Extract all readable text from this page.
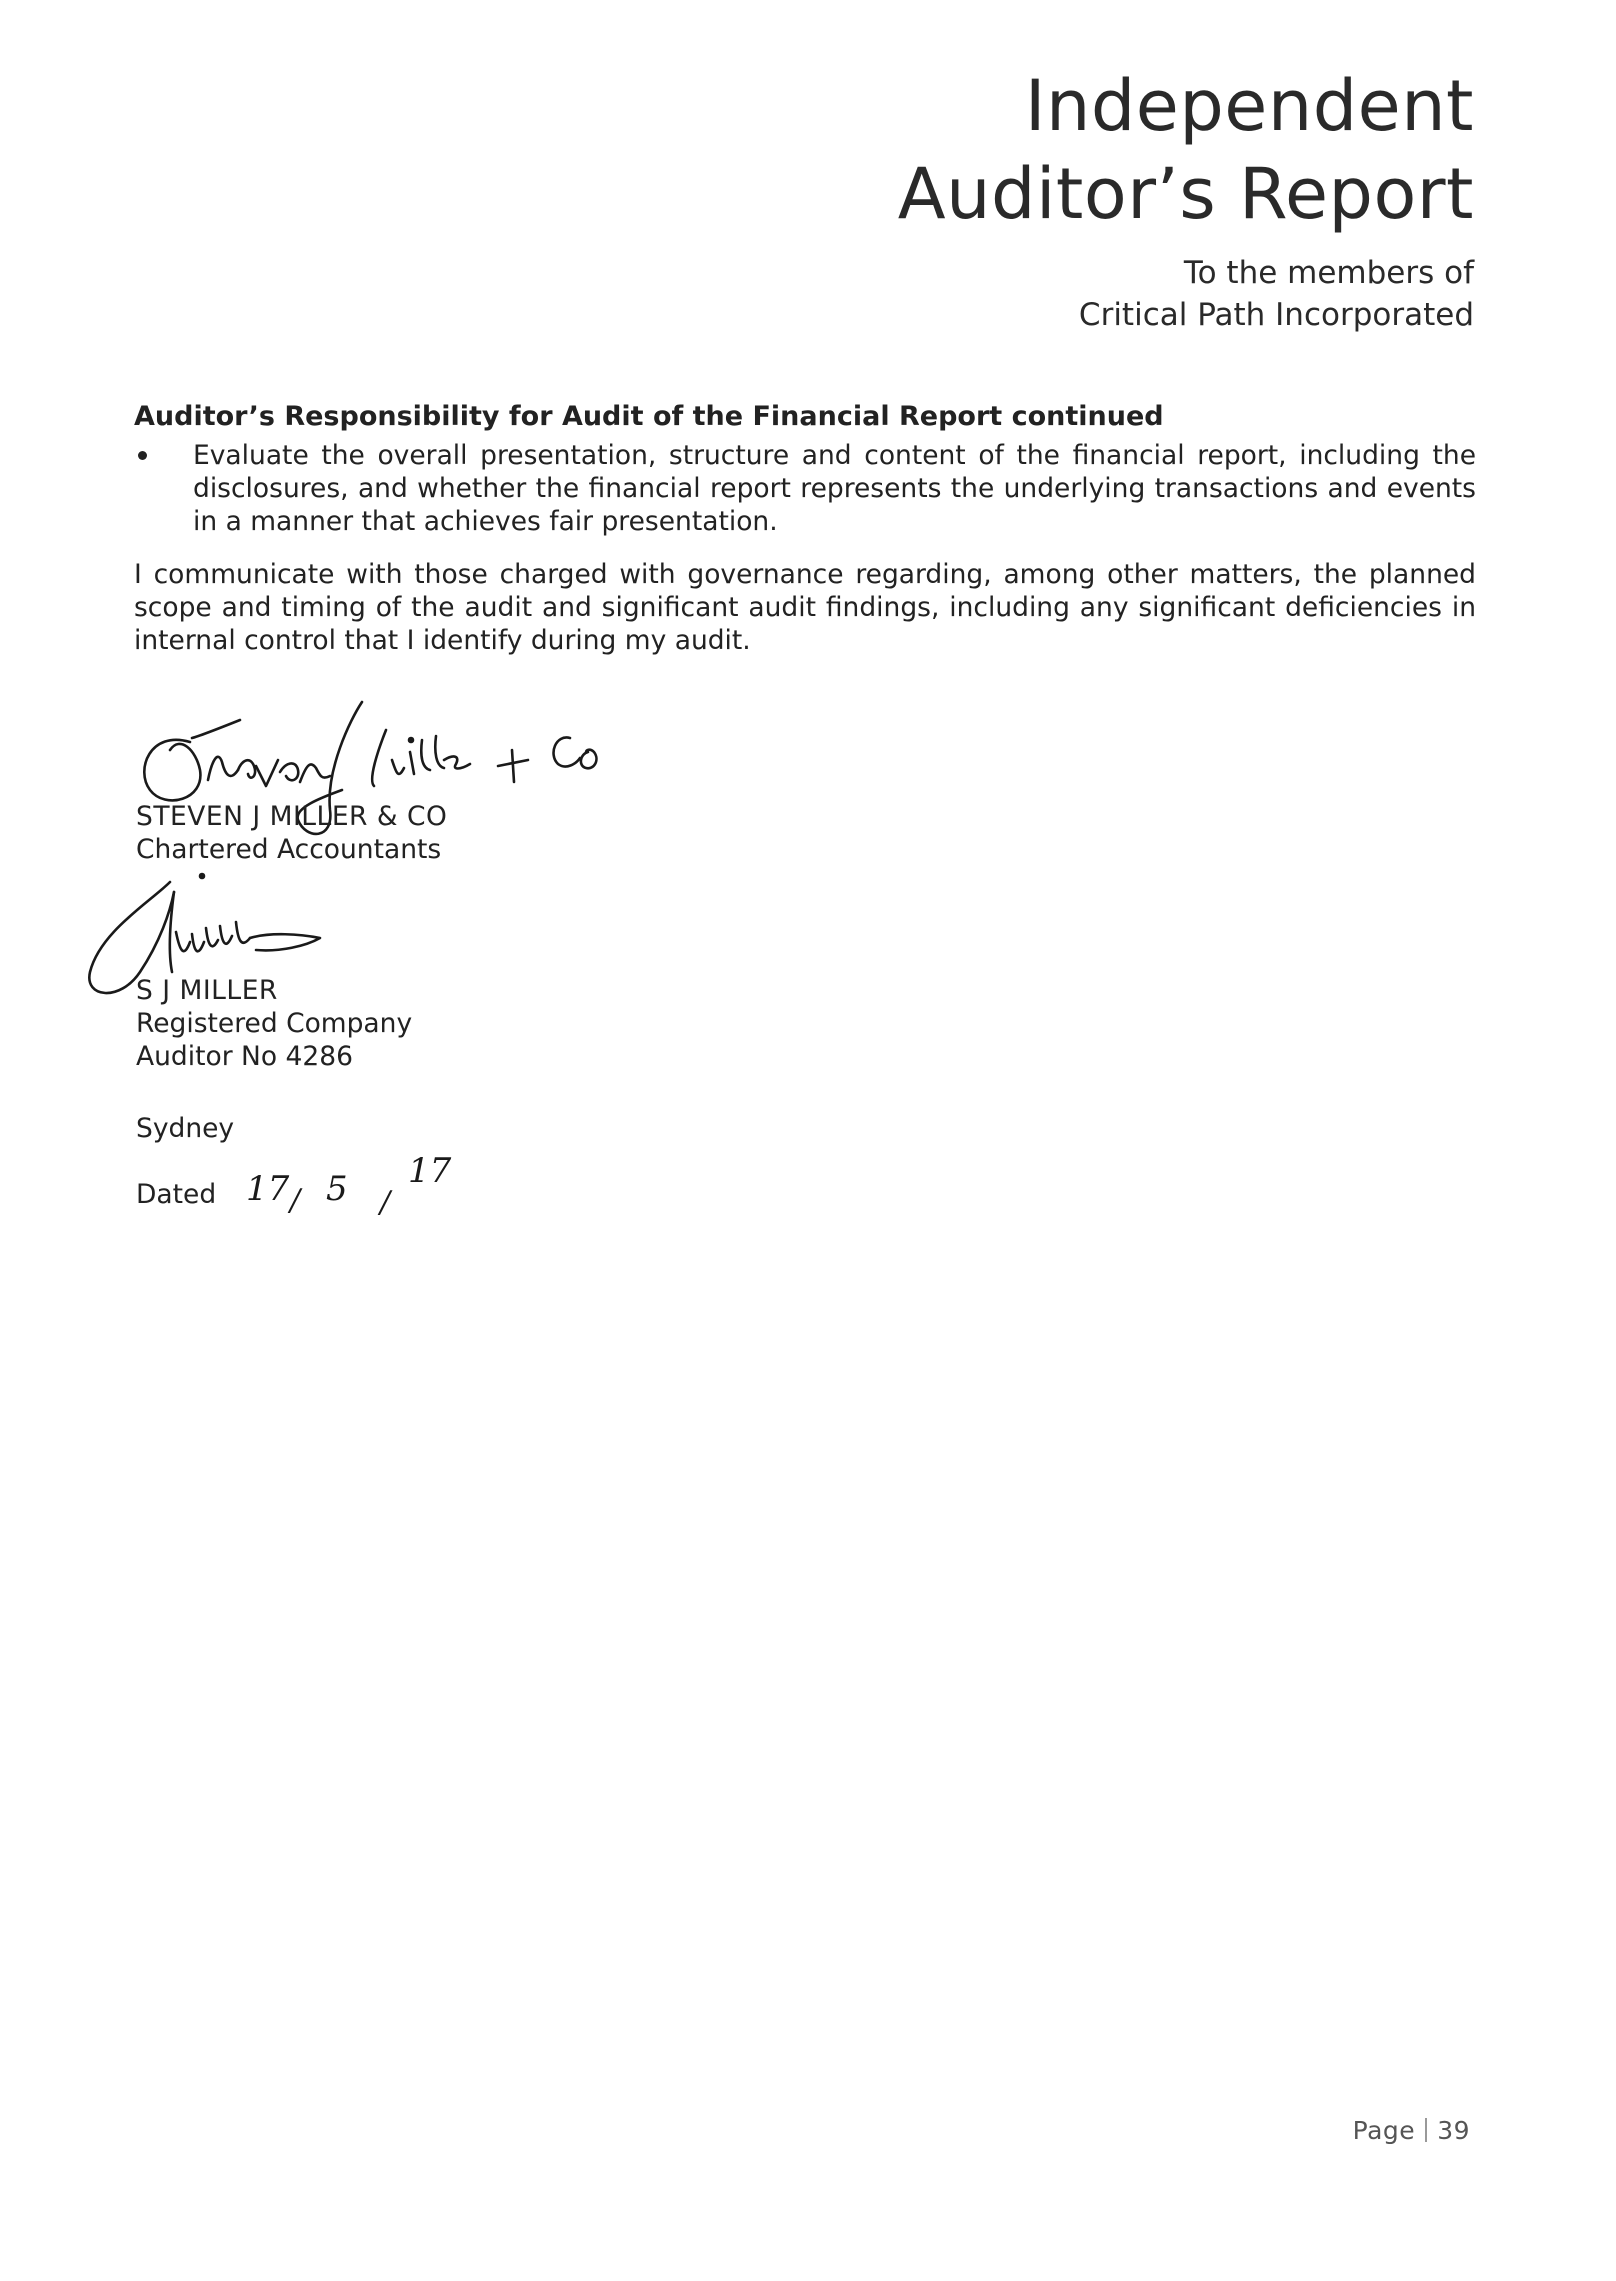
Independent
Auditor’s Report
To the members of
Critical Path Incorporated
Auditor’s Responsibility for Audit of the Financial Report continued
Evaluate the overall presentation, structure and content of the financial report, including the disclosures, and whether the financial report represents the underlying transactions and events in a manner that achieves fair presentation.

I communicate with those charged with governance regarding, among other matters, the planned scope and timing of the audit and significant audit findings, including any significant deficiencies in internal control that I identify during my audit.

STEVEN J MILLER & CO
Chartered Accountants
S J MILLER
Registered Company
Auditor No 4286
Sydney
Dated 17 / 5 /
17
Page 39
